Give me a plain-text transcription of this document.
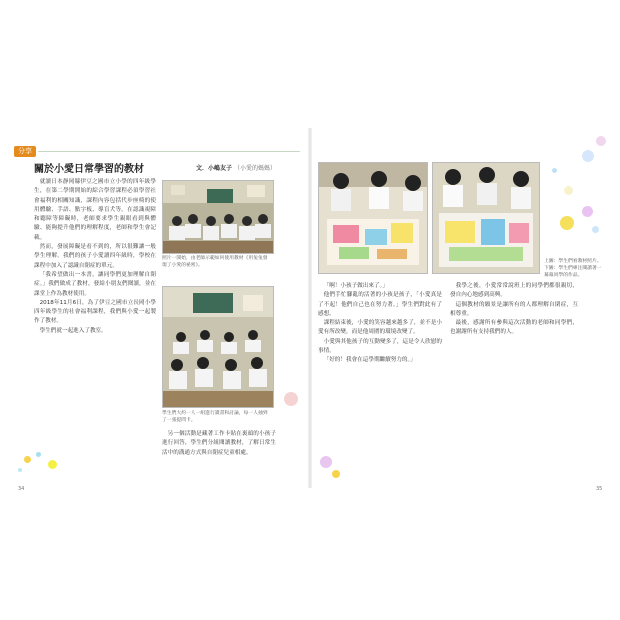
分享
關於小愛日常學習的教材	文．小嶋友子 （小愛的媽媽）

就讀日本靜岡縣伊豆之國市立小學的四年級學生，在第二學期開始的綜合學習課程必須學習社會福利的相關知識，課程內容包括代步座椅的使用體驗、手語、點字板、導盲犬等。在認識視障和聽障等障礙時，老師要求學生親眼看到與體驗、能夠提升他們的理解程度，老師和學生會記載。

然而，發展障礙是看不到的，所以很難讓一般學生理解。我們的孩子小愛讀四年級時，學校在課程中加入了認識自閉症的單元。

「我希望做出一本書，讓同學們更加理解自閉症。」我們做成了教材，發給小朋友們閱讀，並在課堂上作為教材使用。

2018年11月6日，為了伊豆之國市立長岡小學四年級學生的社會福利課程，我們與小愛一起製作了教材。

學生們就一起進入了教室。

照片一開始，由老師示範如何使用教材《用兔兔發現了小愛的祕密》。
學生們大約一人一組進行讀書和討論，每一人抽到了一張提問卡。
另一個活動是藏著工作卡貼在裏頭的小孩子進行回答，學生們分組閱讀教材，了解日常生活中的溝通方式與自閉症兒童相處。
34
上圖：學生們看教材照片。下圖：學生們專注閱讀著一幕幕同學的作品。

「啊！小孩子做出來了。」

他們手忙腳亂的活著的小孩是孩子，「小愛真是了不起！他們自己也在努力著。」學生們對此有了感想。

課程結束後，小愛的笑容越來越多了，並不是小愛有所改變，而是他周圍的環境改變了。

小愛與其他孩子的互動變多了，這是令人欣慰的事情。

「好的！我會在這學期繼續努力的。」

我學之後，小愛常常說班上的同學們都很親切，發自內心地感到高興。

這個教材的願景是讓所有的人都理解自閉症，互相尊重。

最後，感謝所有參與這次活動的老師和同學們，也謝謝所有支持我們的人。

35
